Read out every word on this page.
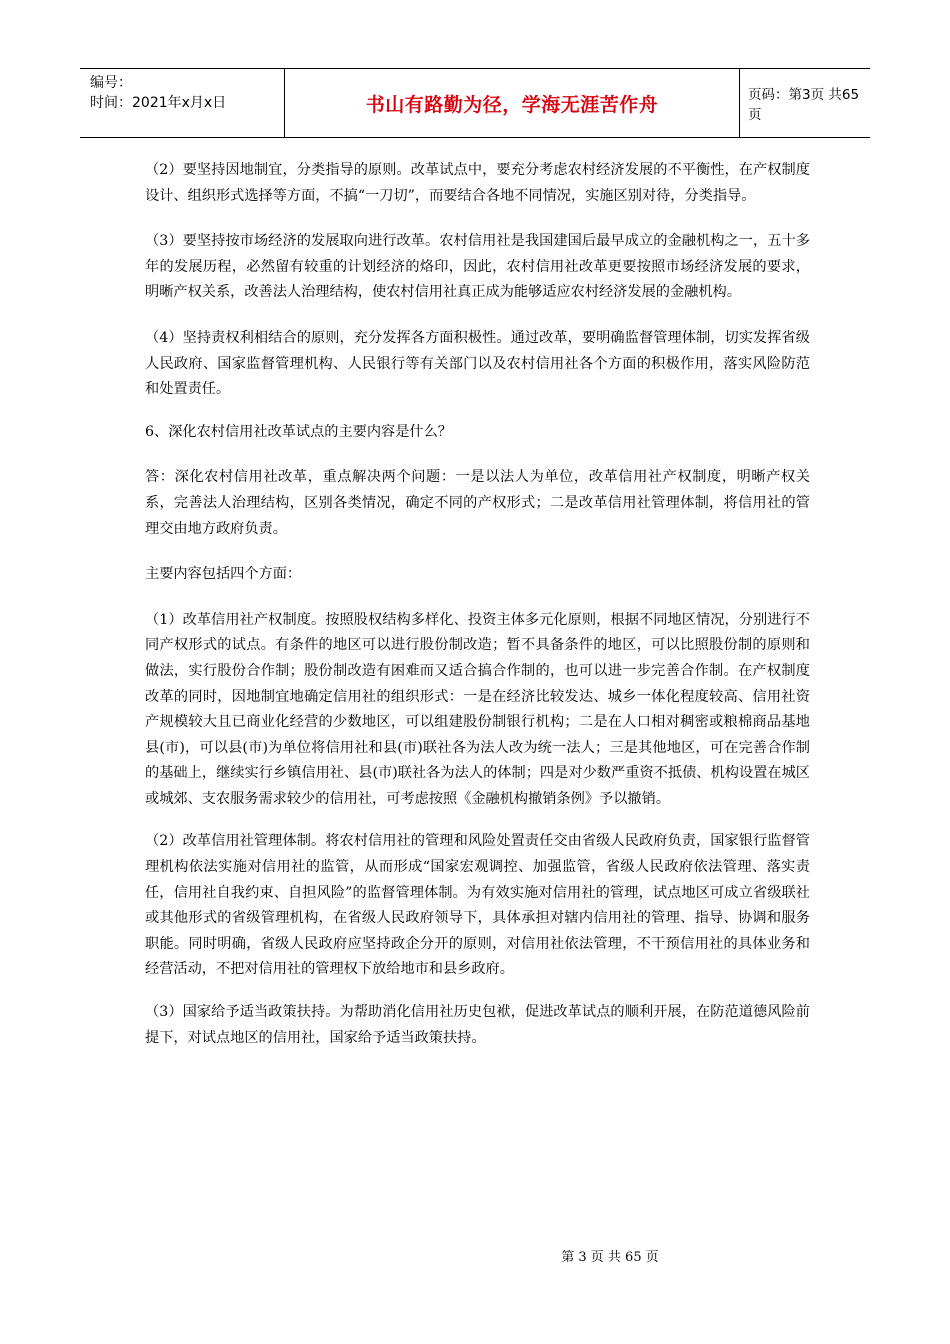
编号：
时间：2021年x月x日	书山有路勤为径，学海无涯苦作舟	页码：第3页 共65页

（2）要坚持因地制宜，分类指导的原则。改革试点中，要充分考虑农村经济发展的不平衡性，在产权制度设计、组织形式选择等方面，不搞“一刀切”，而要结合各地不同情况，实施区别对待，分类指导。

（3）要坚持按市场经济的发展取向进行改革。农村信用社是我国建国后最早成立的金融机构之一，五十多年的发展历程，必然留有较重的计划经济的烙印，因此，农村信用社改革更要按照市场经济发展的要求，明晰产权关系，改善法人治理结构，使农村信用社真正成为能够适应农村经济发展的金融机构。

（4）坚持责权利相结合的原则，充分发挥各方面积极性。通过改革，要明确监督管理体制，切实发挥省级人民政府、国家监督管理机构、人民银行等有关部门以及农村信用社各个方面的积极作用，落实风险防范和处置责任。

6、深化农村信用社改革试点的主要内容是什么？

答：深化农村信用社改革，重点解决两个问题：一是以法人为单位，改革信用社产权制度，明晰产权关系，完善法人治理结构，区别各类情况，确定不同的产权形式；二是改革信用社管理体制，将信用社的管理交由地方政府负责。

主要内容包括四个方面：

（1）改革信用社产权制度。按照股权结构多样化、投资主体多元化原则，根据不同地区情况，分别进行不同产权形式的试点。有条件的地区可以进行股份制改造；暂不具备条件的地区，可以比照股份制的原则和做法，实行股份合作制；股份制改造有困难而又适合搞合作制的，也可以进一步完善合作制。在产权制度改革的同时，因地制宜地确定信用社的组织形式：一是在经济比较发达、城乡一体化程度较高、信用社资产规模较大且已商业化经营的少数地区，可以组建股份制银行机构；二是在人口相对稠密或粮棉商品基地县(市)，可以县(市)为单位将信用社和县(市)联社各为法人改为统一法人；三是其他地区，可在完善合作制的基础上，继续实行乡镇信用社、县(市)联社各为法人的体制；四是对少数严重资不抵债、机构设置在城区或城郊、支农服务需求较少的信用社，可考虑按照《金融机构撤销条例》予以撤销。

（2）改革信用社管理体制。将农村信用社的管理和风险处置责任交由省级人民政府负责，国家银行监督管理机构依法实施对信用社的监管，从而形成“国家宏观调控、加强监管，省级人民政府依法管理、落实责任，信用社自我约束、自担风险”的监督管理体制。为有效实施对信用社的管理，试点地区可成立省级联社或其他形式的省级管理机构，在省级人民政府领导下，具体承担对辖内信用社的管理、指导、协调和服务职能。同时明确，省级人民政府应坚持政企分开的原则，对信用社依法管理，不干预信用社的具体业务和经营活动，不把对信用社的管理权下放给地市和县乡政府。

（3）国家给予适当政策扶持。为帮助消化信用社历史包袱，促进改革试点的顺利开展，在防范道德风险前提下，对试点地区的信用社，国家给予适当政策扶持。

第 3 页 共 65 页
